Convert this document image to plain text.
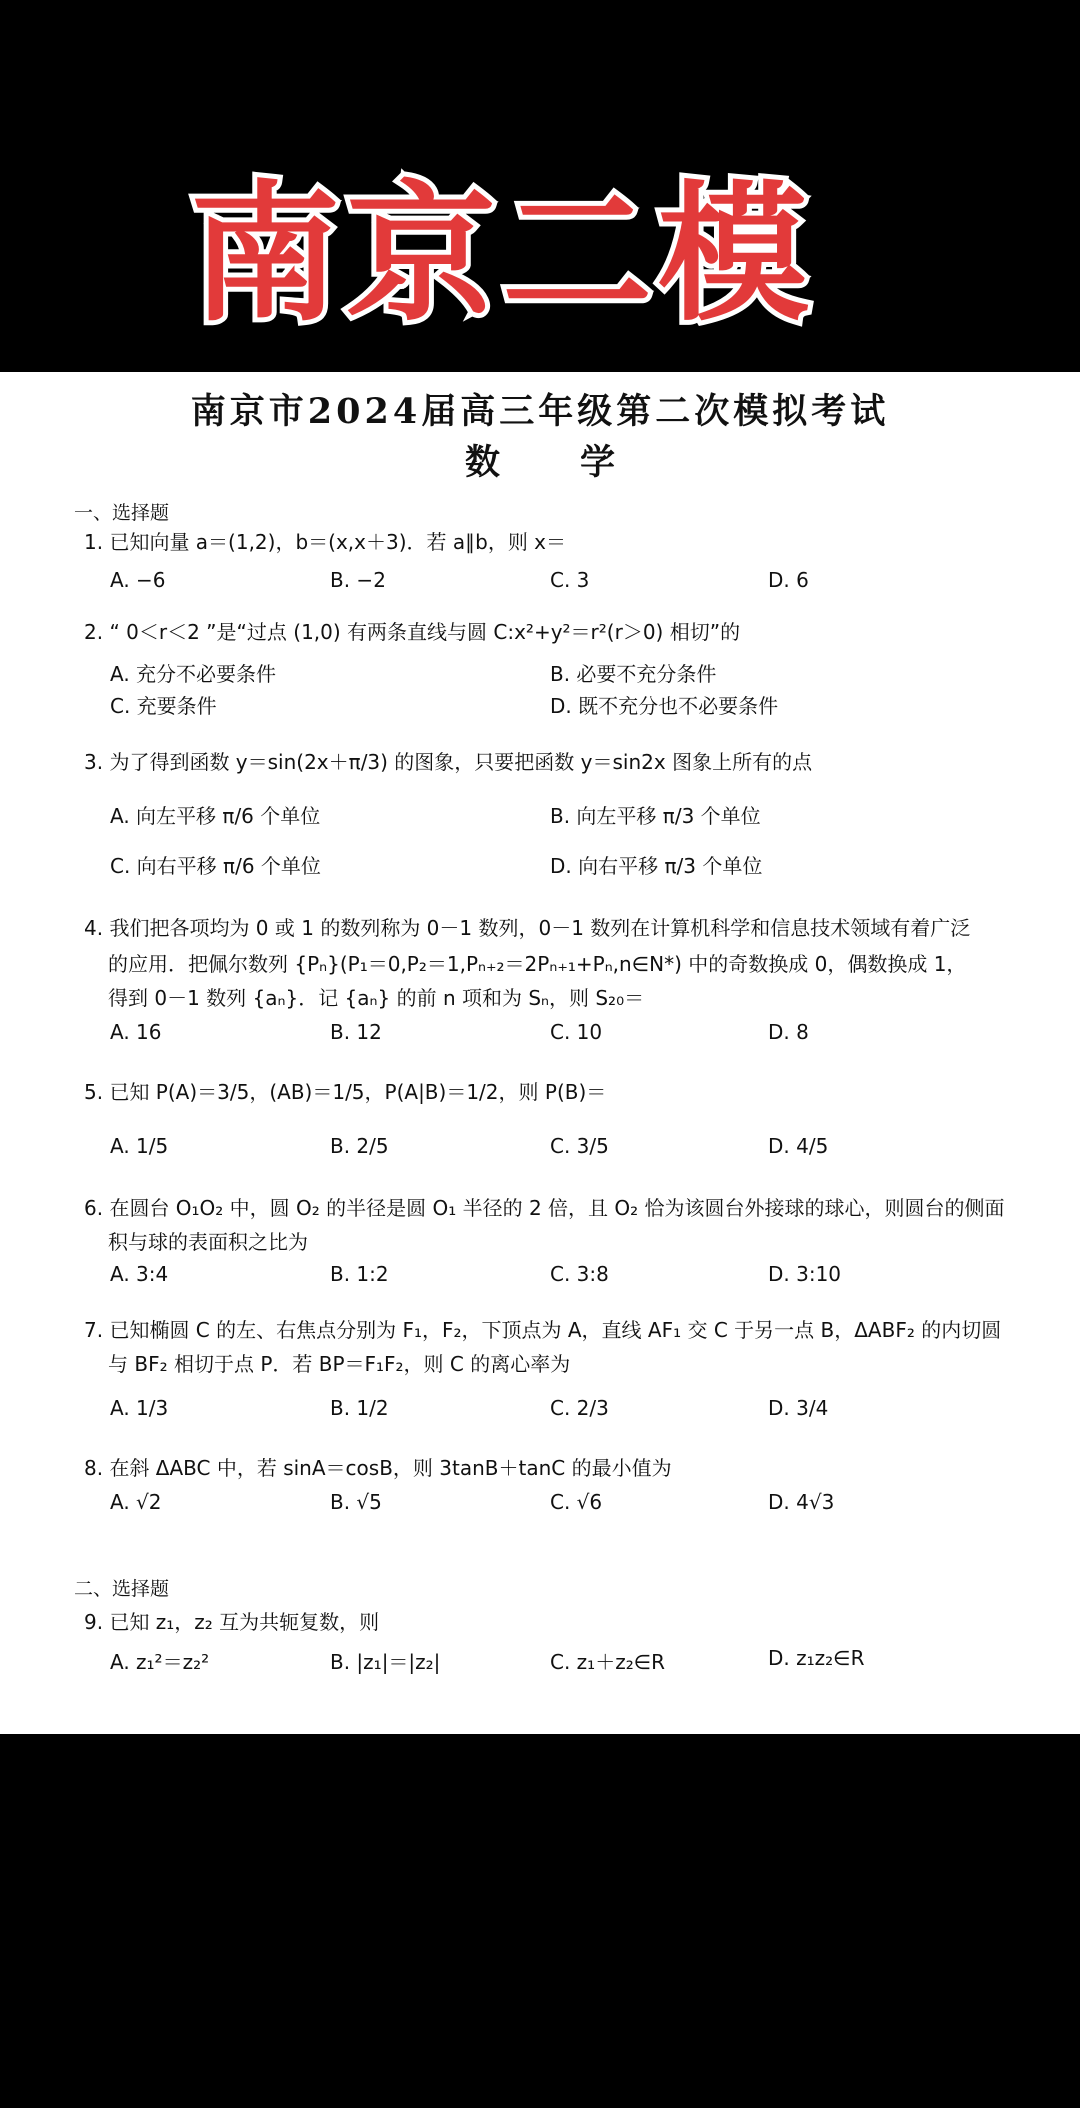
南京二模
南京市2024届高三年级第二次模拟考试
数 学
一、选择题
1. 已知向量 a＝(1,2)，b＝(x,x＋3)．若 a∥b，则 x＝
A. −6	B. −2	C. 3	D. 6
2. “ 0＜r＜2 ”是“过点 (1,0) 有两条直线与圆 C:x²+y²＝r²(r＞0) 相切”的
A. 充分不必要条件	B. 必要不充分条件
C. 充要条件	D. 既不充分也不必要条件
3. 为了得到函数 y＝sin(2x＋π/3) 的图象，只要把函数 y＝sin2x 图象上所有的点
A. 向左平移 π/6 个单位	B. 向左平移 π/3 个单位
C. 向右平移 π/6 个单位	D. 向右平移 π/3 个单位
4. 我们把各项均为 0 或 1 的数列称为 0－1 数列，0－1 数列在计算机科学和信息技术领域有着广泛
的应用．把佩尔数列 {Pₙ}(P₁＝0,P₂＝1,Pₙ₊₂＝2Pₙ₊₁+Pₙ,n∈N*) 中的奇数换成 0，偶数换成 1，
得到 0－1 数列 {aₙ}．记 {aₙ} 的前 n 项和为 Sₙ，则 S₂₀＝
A. 16	B. 12	C. 10	D. 8
5. 已知 P(A)＝3/5，(AB)＝1/5，P(A|B)＝1/2，则 P(B)＝
A. 1/5	B. 2/5	C. 3/5	D. 4/5
6. 在圆台 O₁O₂ 中，圆 O₂ 的半径是圆 O₁ 半径的 2 倍，且 O₂ 恰为该圆台外接球的球心，则圆台的侧面
积与球的表面积之比为
A. 3:4	B. 1:2	C. 3:8	D. 3:10
7. 已知椭圆 C 的左、右焦点分别为 F₁，F₂，下顶点为 A，直线 AF₁ 交 C 于另一点 B，ΔABF₂ 的内切圆
与 BF₂ 相切于点 P．若 BP＝F₁F₂，则 C 的离心率为
A. 1/3	B. 1/2	C. 2/3	D. 3/4
8. 在斜 ΔABC 中，若 sinA＝cosB，则 3tanB＋tanC 的最小值为
A. √2	B. √5	C. √6	D. 4√3
二、选择题
9. 已知 z₁，z₂ 互为共轭复数，则
A. z₁²＝z₂²	B. |z₁|＝|z₂|	C. z₁＋z₂∈R	D. z₁z₂∈R
